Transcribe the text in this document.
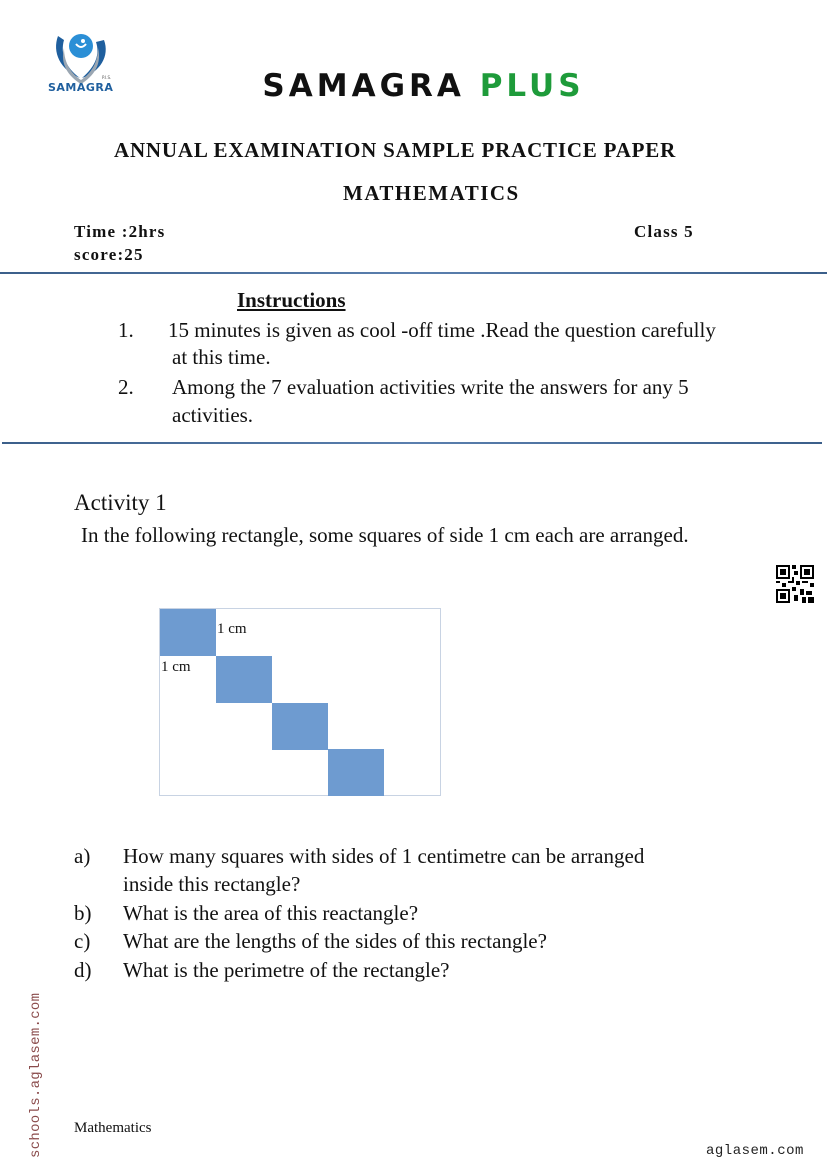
SAMAGRA
P.I.S.	SAMAGRA PLUS
ANNUAL EXAMINATION SAMPLE PRACTICE PAPER
MATHEMATICS
Time :2hrs
score:25
Class 5
Instructions
1. 15 minutes is given as cool -off time .Read the question carefully
at this time.
2. Among the 7 evaluation activities write the answers for any 5
activities.
Activity 1
In the following rectangle, some squares of side 1 cm each are arranged.
1 cm
1 cm
a) How many squares with sides of 1 centimetre can be arranged
inside this rectangle?
b) What is the area of this reactangle?
c) What are the lengths of the sides of this rectangle?
d) What is the perimetre of the rectangle?
schools.aglasem.com Mathematics
aglasem.com
